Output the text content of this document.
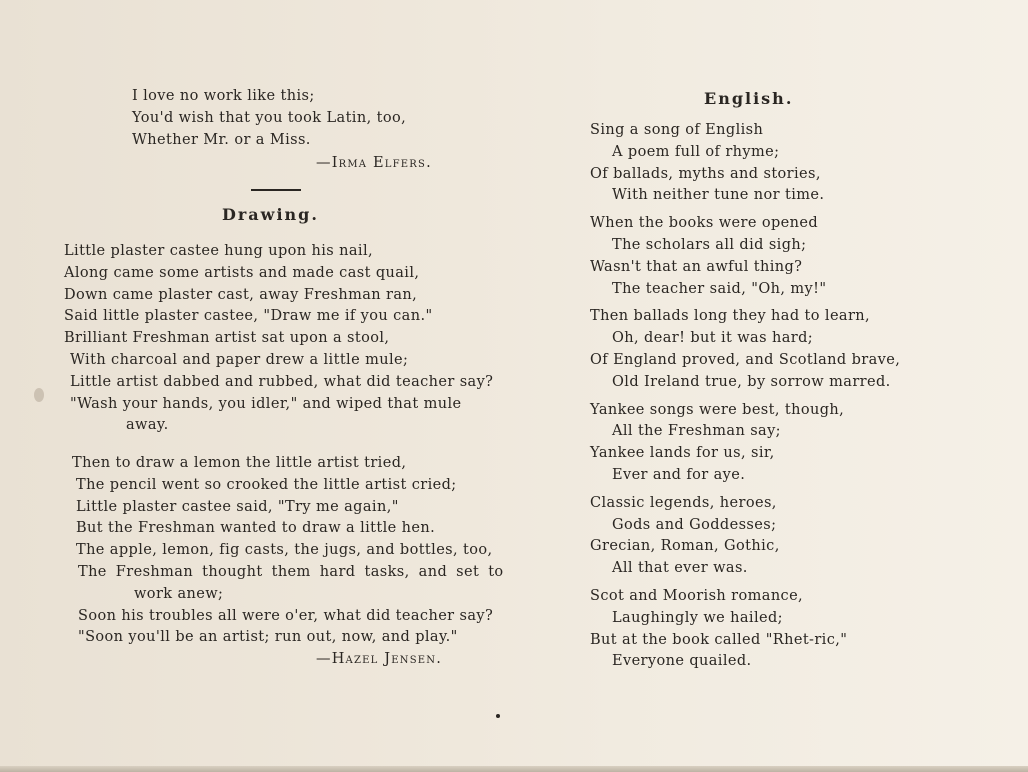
I love no work like this;
You'd wish that you took Latin, too,
Whether Mr. or a Miss.
—Irma Elfers.
Drawing.
Little plaster castee hung upon his nail,
Along came some artists and made cast quail,
Down came plaster cast, away Freshman ran,
Said little plaster castee, "Draw me if you can."
Brilliant Freshman artist sat upon a stool,
With charcoal and paper drew a little mule;
Little artist dabbed and rubbed, what did teacher say?
"Wash your hands, you idler," and wiped that mule
away.
Then to draw a lemon the little artist tried,
The pencil went so crooked the little artist cried;
Little plaster castee said, "Try me again,"
But the Freshman wanted to draw a little hen.
The apple, lemon, fig casts, the jugs, and bottles, too,
The Freshman thought them hard tasks, and set to
work anew;
Soon his troubles all were o'er, what did teacher say?
"Soon you'll be an artist; run out, now, and play."
—Hazel Jensen.
English.
Sing a song of English
A poem full of rhyme;
Of ballads, myths and stories,
With neither tune nor time.
When the books were opened
The scholars all did sigh;
Wasn't that an awful thing?
The teacher said, "Oh, my!"
Then ballads long they had to learn,
Oh, dear! but it was hard;
Of England proved, and Scotland brave,
Old Ireland true, by sorrow marred.
Yankee songs were best, though,
All the Freshman say;
Yankee lands for us, sir,
Ever and for aye.
Classic legends, heroes,
Gods and Goddesses;
Grecian, Roman, Gothic,
All that ever was.
Scot and Moorish romance,
Laughingly we hailed;
But at the book called "Rhet-ric,"
Everyone quailed.
